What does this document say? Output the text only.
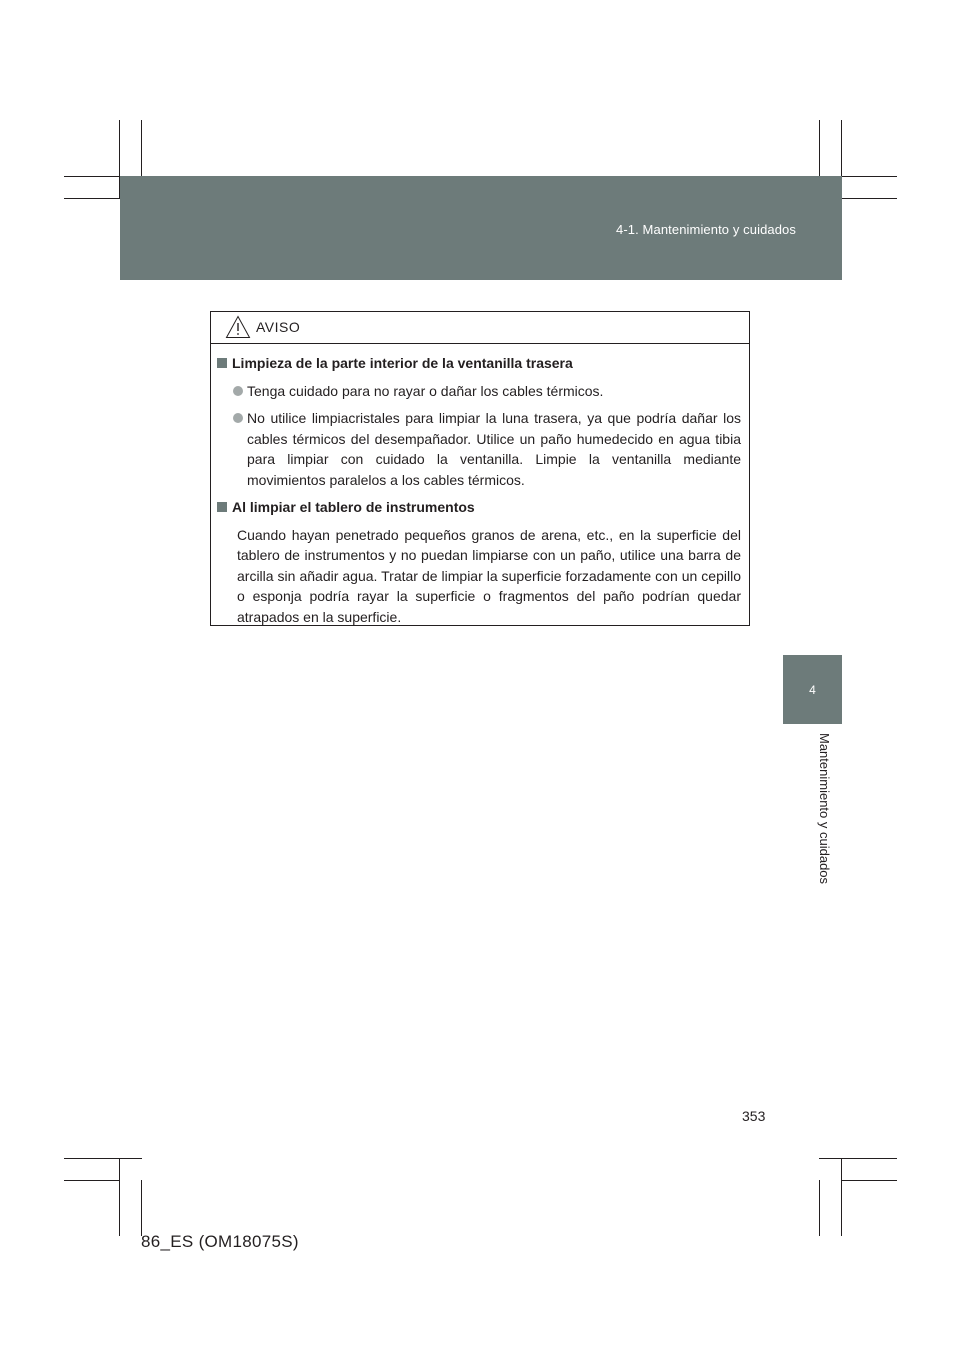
4-1. Mantenimiento y cuidados
4
Mantenimiento y cuidados
AVISO
Limpieza de la parte interior de la ventanilla trasera
Tenga cuidado para no rayar o dañar los cables térmicos.
No utilice limpiacristales para limpiar la luna trasera, ya que podría dañar los cables térmicos del desempañador. Utilice un paño humedecido en agua tibia para limpiar con cuidado la ventanilla. Limpie la ventanilla mediante movimientos paralelos a los cables térmicos.
Al limpiar el tablero de instrumentos
Cuando hayan penetrado pequeños granos de arena, etc., en la superficie del tablero de instrumentos y no puedan limpiarse con un paño, utilice una barra de arcilla sin añadir agua. Tratar de limpiar la superficie forzadamente con un cepillo o esponja podría rayar la superficie o fragmentos del paño podrían quedar atrapados en la superficie.
353
86_ES (OM18075S)
